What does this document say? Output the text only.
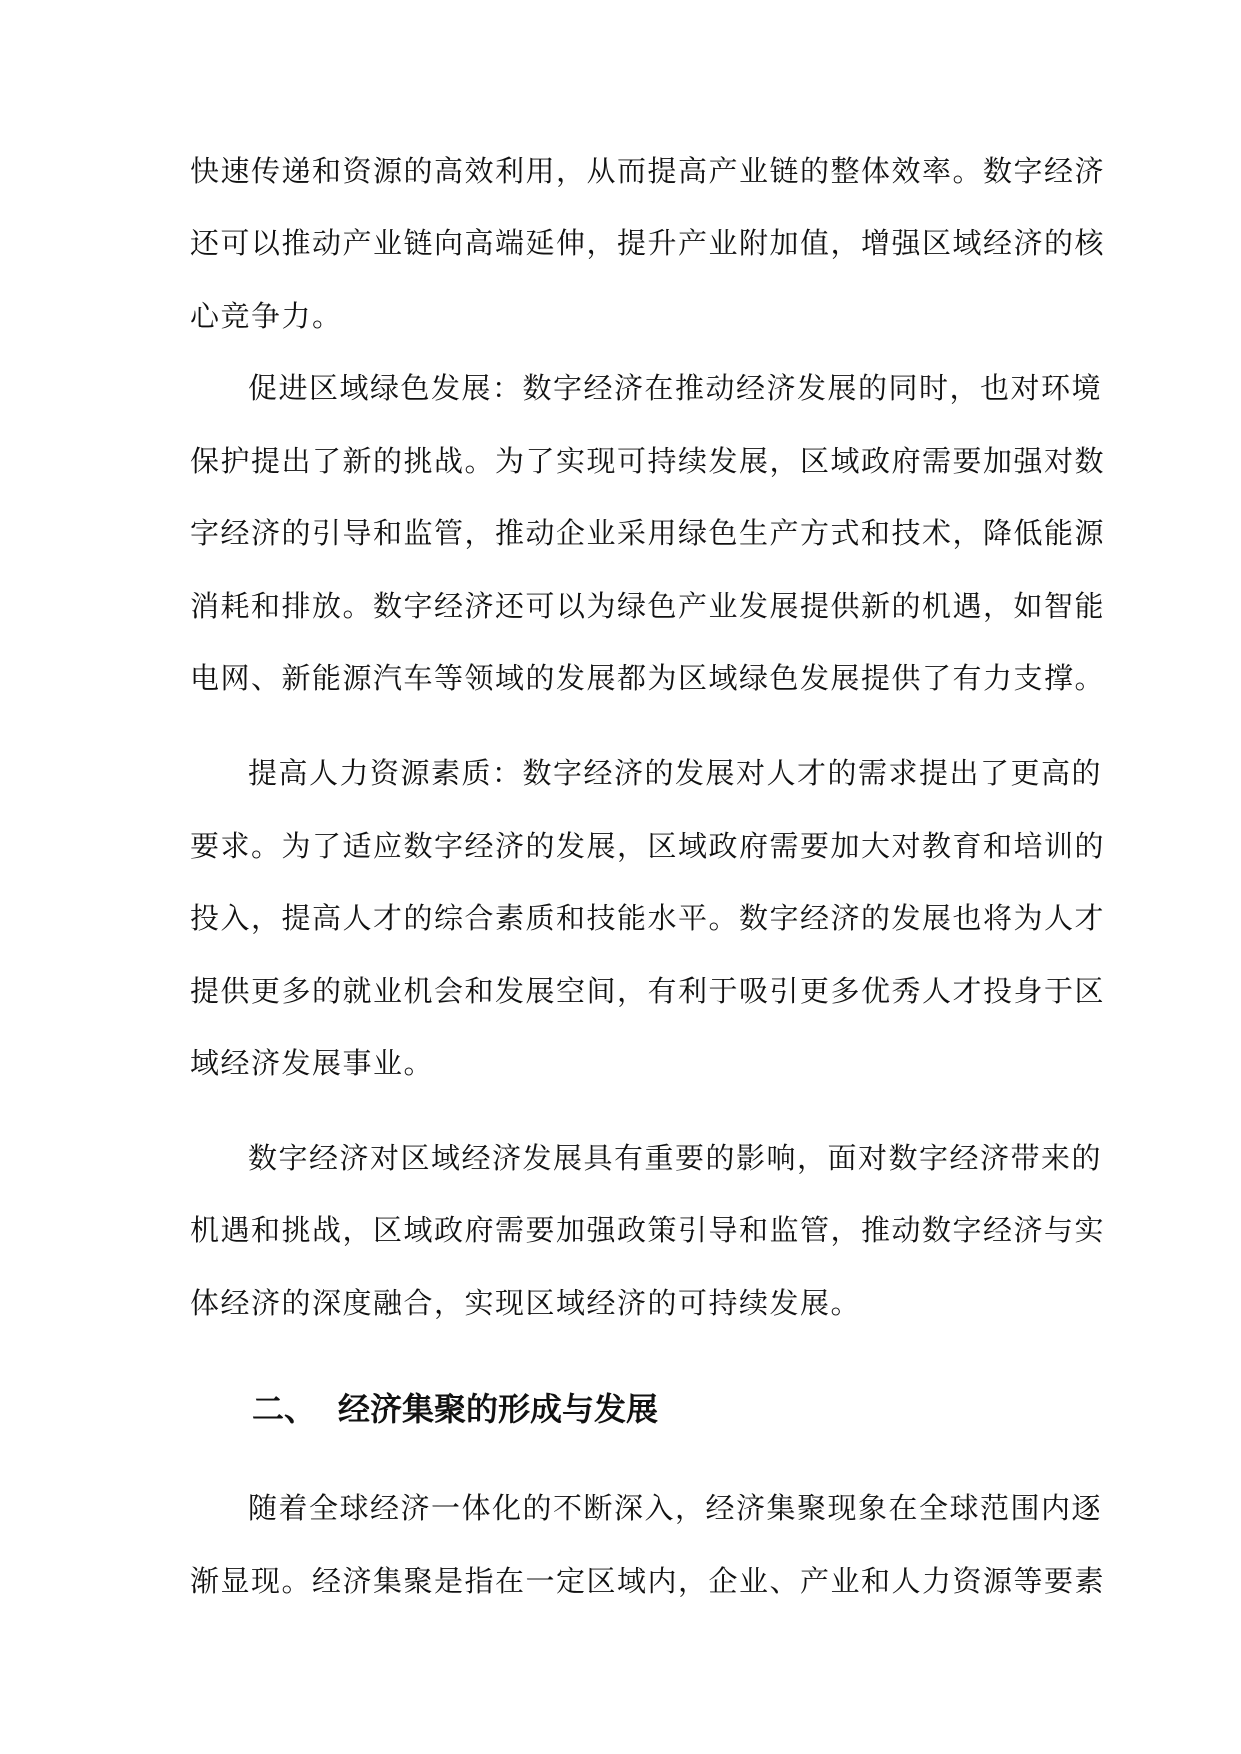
快速传递和资源的高效利用，从而提高产业链的整体效率。数字经济
还可以推动产业链向高端延伸，提升产业附加值，增强区域经济的核
心竞争力。
促进区域绿色发展：数字经济在推动经济发展的同时，也对环境
保护提出了新的挑战。为了实现可持续发展，区域政府需要加强对数
字经济的引导和监管，推动企业采用绿色生产方式和技术，降低能源
消耗和排放。数字经济还可以为绿色产业发展提供新的机遇，如智能
电网、新能源汽车等领域的发展都为区域绿色发展提供了有力支撑。
提高人力资源素质：数字经济的发展对人才的需求提出了更高的
要求。为了适应数字经济的发展，区域政府需要加大对教育和培训的
投入，提高人才的综合素质和技能水平。数字经济的发展也将为人才
提供更多的就业机会和发展空间，有利于吸引更多优秀人才投身于区
域经济发展事业。
数字经济对区域经济发展具有重要的影响，面对数字经济带来的
机遇和挑战，区域政府需要加强政策引导和监管，推动数字经济与实
体经济的深度融合，实现区域经济的可持续发展。
二、 经济集聚的形成与发展
随着全球经济一体化的不断深入，经济集聚现象在全球范围内逐
渐显现。经济集聚是指在一定区域内，企业、产业和人力资源等要素
